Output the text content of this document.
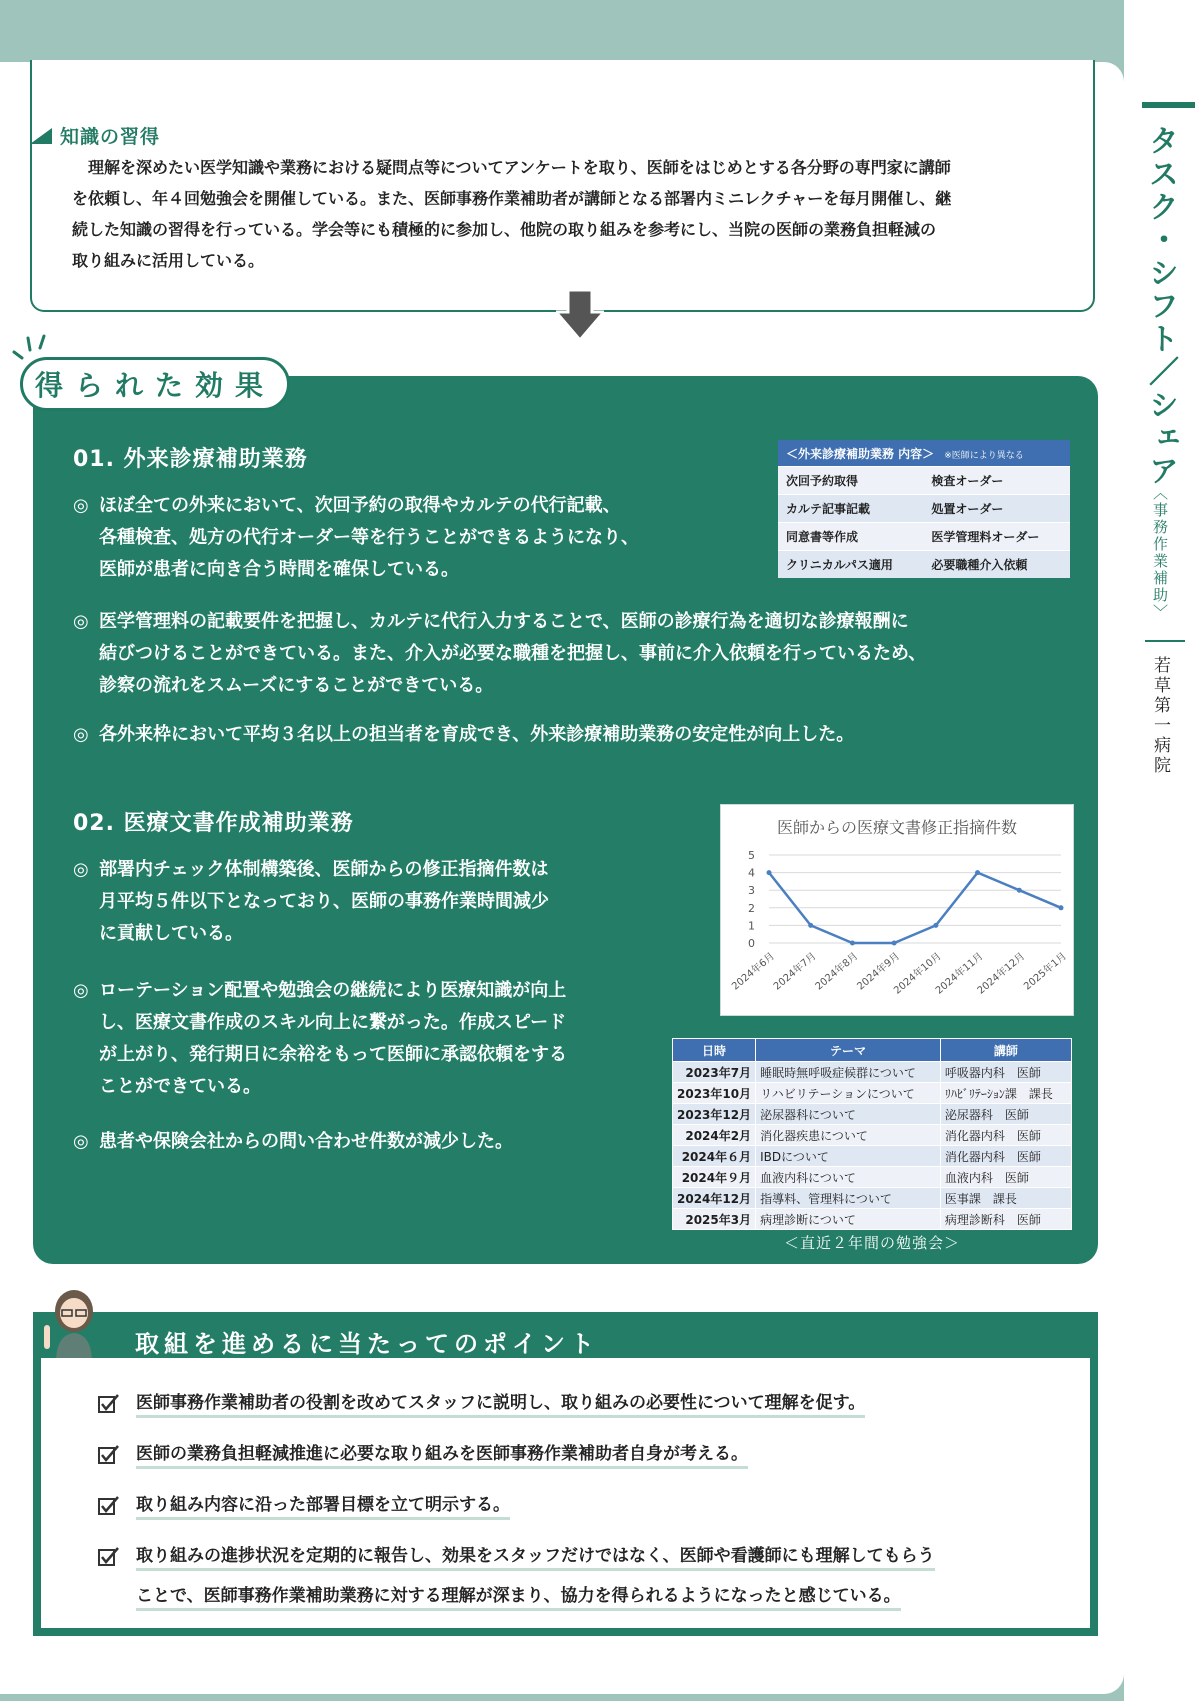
タスク・シフト／シェア
〈事務作業補助〉
若草第一病院
知識の習得
　理解を深めたい医学知識や業務における疑問点等についてアンケートを取り、医師をはじめとする各分野の専門家に講師
を依頼し、年４回勉強会を開催している。また、医師事務作業補助者が講師となる部署内ミニレクチャーを毎月開催し、継
続した知識の習得を行っている。学会等にも積極的に参加し、他院の取り組みを参考にし、当院の医師の業務負担軽減の
取り組みに活用している。
得られた効果
01. 外来診療補助業務
◎ ほぼ全ての外来において、次回予約の取得やカルテの代行記載、
各種検査、処方の代行オーダー等を行うことができるようになり、
医師が患者に向き合う時間を確保している。
◎ 医学管理料の記載要件を把握し、カルテに代行入力することで、医師の診療行為を適切な診療報酬に
結びつけることができている。また、介入が必要な職種を把握し、事前に介入依頼を行っているため、
診察の流れをスムーズにすることができている。
◎ 各外来枠において平均３名以上の担当者を育成でき、外来診療補助業務の安定性が向上した。
＜外来診療補助業務 内容＞ ※医師により異なる	
次回予約取得	検査オーダー
カルテ記事記載	処置オーダー
同意書等作成	医学管理料オーダー
クリニカルパス適用	必要職種介入依頼
02. 医療文書作成補助業務
◎ 部署内チェック体制構築後、医師からの修正指摘件数は
月平均５件以下となっており、医師の事務作業時間減少
に貢献している。
◎ ローテーション配置や勉強会の継続により医療知識が向上
し、医療文書作成のスキル向上に繋がった。作成スピード
が上がり、発行期日に余裕をもって医師に承認依頼をする
ことができている。
◎ 患者や保険会社からの問い合わせ件数が減少した。
医師からの医療文書修正指摘件数
0
1
2
3
4
5
2024年6月
2024年7月
2024年8月
2024年9月
2024年10月
2024年11月
2024年12月
2025年1月
日時	テーマ	講師
2023年7月	睡眠時無呼吸症候群について	呼吸器内科　医師
2023年10月	リハビリテーションについて	ﾘﾊﾋﾞﾘﾃｰｼｮﾝ課　課長
2023年12月	泌尿器科について	泌尿器科　医師
2024年2月	消化器疾患について	消化器内科　医師
2024年６月	IBDについて	消化器内科　医師
2024年９月	血液内科について	血液内科　医師
2024年12月	指導料、管理料について	医事課　課長
2025年3月	病理診断について	病理診断科　医師
＜直近２年間の勉強会＞
取組を進めるに当たってのポイント
医師事務作業補助者の役割を改めてスタッフに説明し、取り組みの必要性について理解を促す。
医師の業務負担軽減推進に必要な取り組みを医師事務作業補助者自身が考える。
取り組み内容に沿った部署目標を立て明示する。
取り組みの進捗状況を定期的に報告し、効果をスタッフだけではなく、医師や看護師にも理解してもらう
ことで、医師事務作業補助業務に対する理解が深まり、協力を得られるようになったと感じている。
